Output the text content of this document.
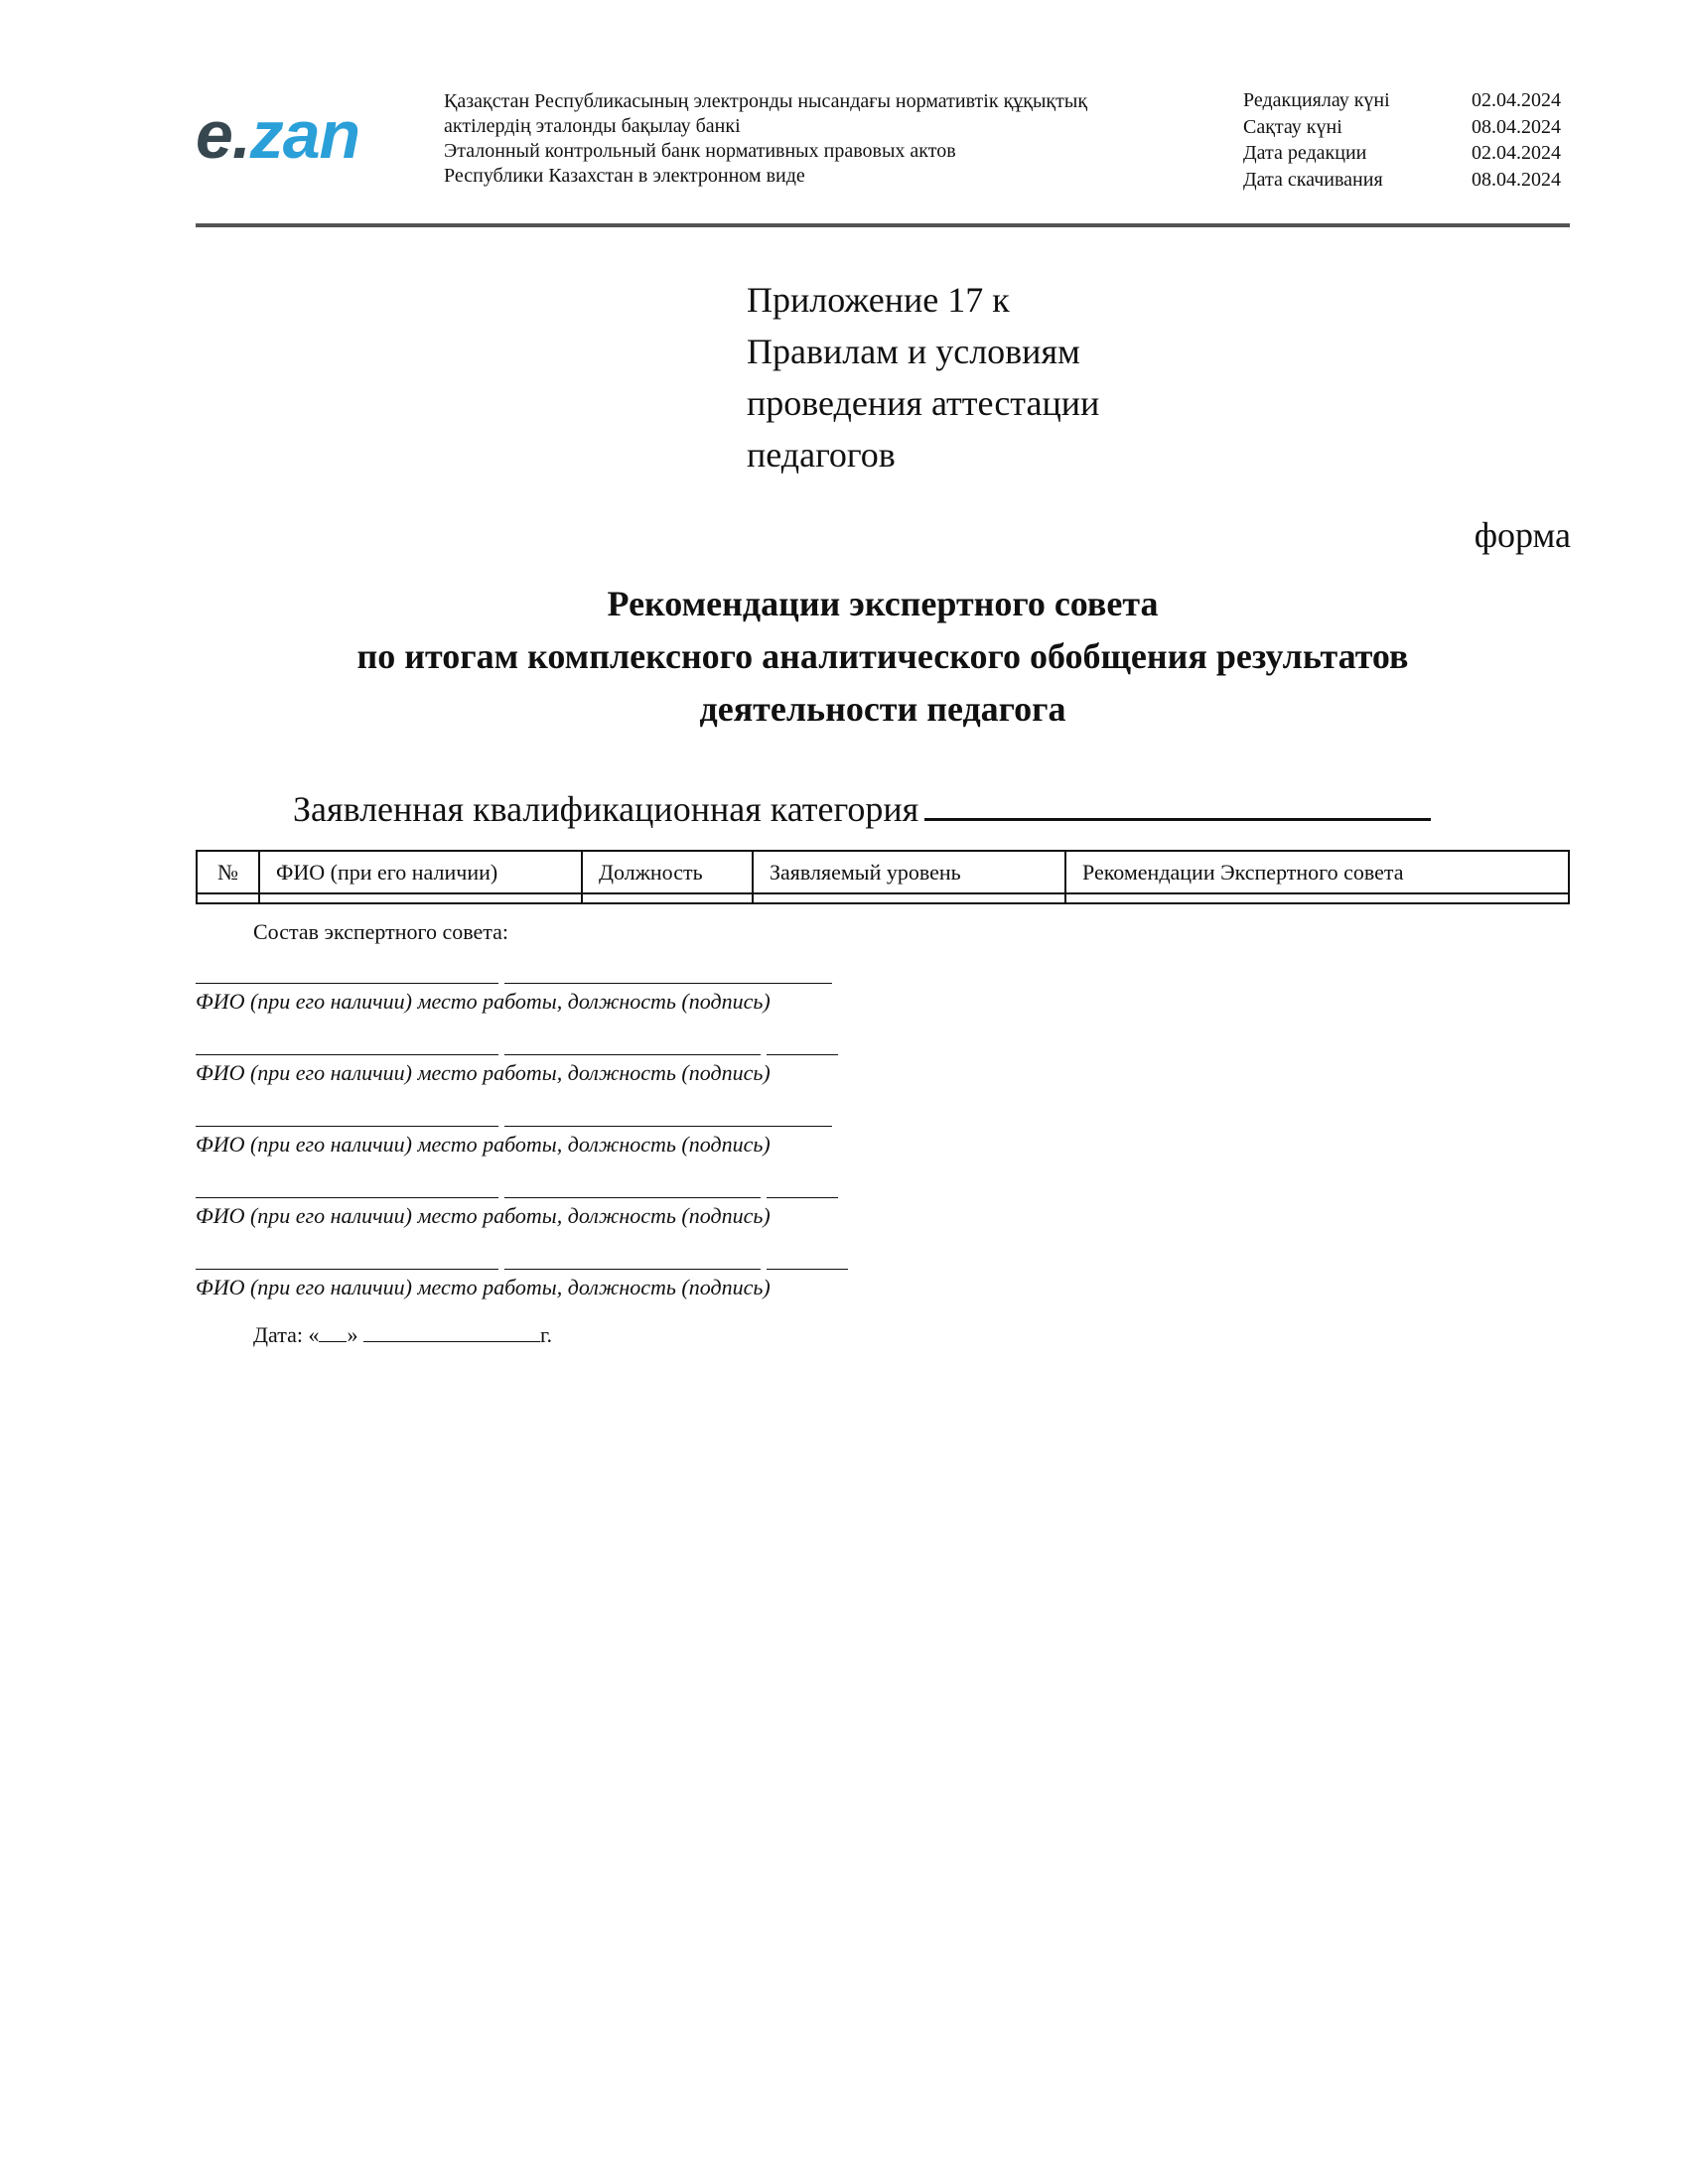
e.zan	Қазақстан Республикасының электронды нысандағы нормативтік құқықтық
актілердің эталонды бақылау банкі
Эталонный контрольный банк нормативных правовых актов
Республики Казахстан в электронном виде
Редакциялау күні	02.04.2024
Сақтау күні	08.04.2024
Дата редакции	02.04.2024
Дата скачивания	08.04.2024
Приложение 17 к
Правилам и условиям
проведения аттестации
педагогов
форма
Рекомендации экспертного совета
по итогам комплексного аналитического обобщения результатов
деятельности педагога
Заявленная квалификационная категория
№	ФИО (при его наличии)	Должность	Заявляемый уровень	Рекомендации Экспертного совета

Состав экспертного совета:
ФИО (при его наличии) место работы, должность (подпись)
ФИО (при его наличии) место работы, должность (подпись)
ФИО (при его наличии) место работы, должность (подпись)
ФИО (при его наличии) место работы, должность (подпись)
ФИО (при его наличии) место работы, должность (подпись)
Дата: « »	г.
